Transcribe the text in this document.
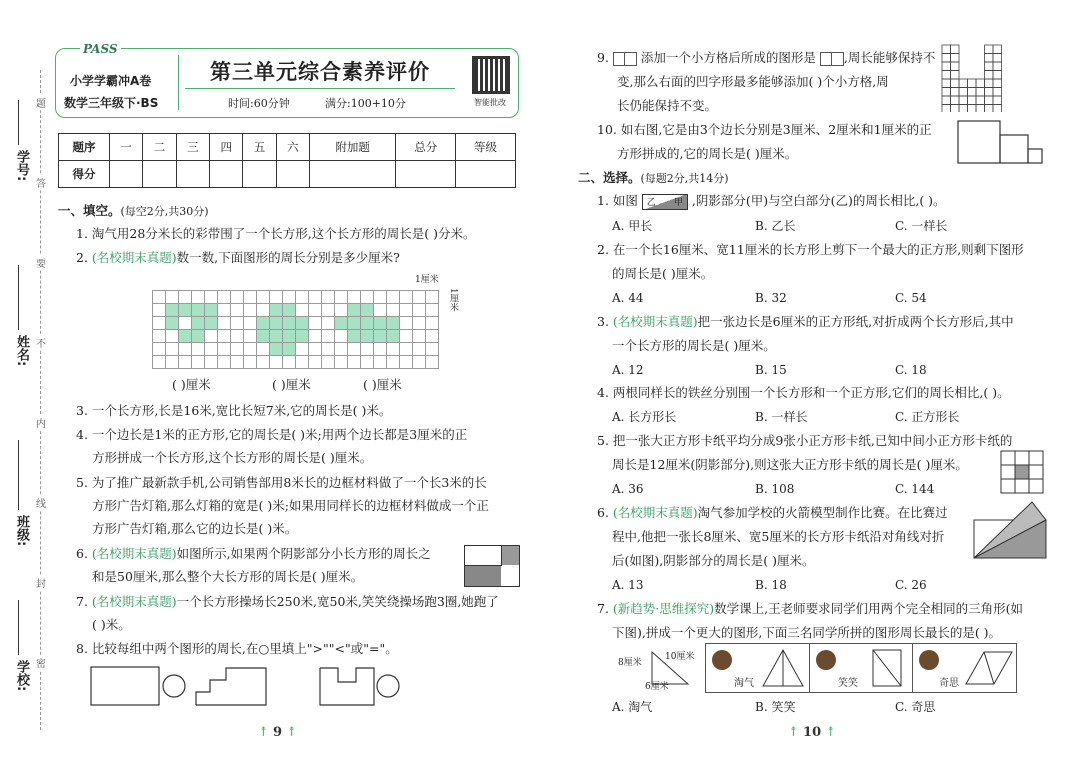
学号:
姓名:
班级:
学校:
题
答
要
不
内
线
封
密
PASS
小学学霸冲A卷
数学三年级下·BS
第三单元综合素养评价
时间:60分钟	满分:100+10分	智能批改
题序	一	二	三	四	五	六	附加题	总分	等级
得分									
一、填空。(每空2分,共30分)
1. 淘气用28分米长的彩带围了一个长方形,这个长方形的周长是( )分米。
2. (名校期末真题)数一数,下面图形的周长分别是多少厘米?
1厘米
1厘米
( )厘米	( )厘米	( )厘米
3. 一个长方形,长是16米,宽比长短7米,它的周长是( )米。
4. 一个边长是1米的正方形,它的周长是( )米;用两个边长都是3厘米的正
方形拼成一个长方形,这个长方形的周长是( )厘米。
5. 为了推广最新款手机,公司销售部用8米长的边框材料做了一个长3米的长
方形广告灯箱,那么灯箱的宽是( )米;如果用同样长的边框材料做成一个正
方形广告灯箱,那么它的边长是( )米。
6. (名校期末真题)如图所示,如果两个阴影部分小长方形的周长之
和是50厘米,那么整个大长方形的周长是( )厘米。
7. (名校期末真题)一个长方形操场长250米,宽50米,笑笑绕操场跑3圈,她跑了
( )米。
8. 比较每组中两个图形的周长,在○里填上">""<"或"="。
↟ 9 ↟
9.  添加一个小方格后所成的图形是 ,周长能够保持不
变,那么右面的凹字形最多能够添加( )个小方格,周
长仍能保持不变。
10. 如右图,它是由3个边长分别是3厘米、2厘米和1厘米的正
方形拼成的,它的周长是( )厘米。
二、选择。(每题2分,共14分)
1. 如图 乙 甲 ,阴影部分(甲)与空白部分(乙)的周长相比,( )。
A. 甲长	B. 乙长	C. 一样长
2. 在一个长16厘米、宽11厘米的长方形上剪下一个最大的正方形,则剩下图形
的周长是( )厘米。
A. 44	B. 32	C. 54
3. (名校期末真题)把一张边长是6厘米的正方形纸,对折成两个长方形后,其中
一个长方形的周长是( )厘米。
A. 12	B. 15	C. 18
4. 两根同样长的铁丝分别围一个长方形和一个正方形,它们的周长相比,( )。
A. 长方形长	B. 一样长	C. 正方形长
5. 把一张大正方形卡纸平均分成9张小正方形卡纸,已知中间小正方形卡纸的
周长是12厘米(阴影部分),则这张大正方形卡纸的周长是( )厘米。
A. 36	B. 108	C. 144
6. (名校期末真题)淘气参加学校的火箭模型制作比赛。在比赛过
程中,他把一张长8厘米、宽5厘米的长方形卡纸沿对角线对折
后(如图),阴影部分的周长是( )厘米。
A. 13	B. 18	C. 26
7. (新趋势·思维探究)数学课上,王老师要求同学们用两个完全相同的三角形(如
下图),拼成一个更大的图形,下面三名同学所拼的图形周长最长的是( )。
8厘米
10厘米
6厘米	淘气	笑笑	奇思
A. 淘气	B. 笑笑	C. 奇思
↟ 10 ↟
